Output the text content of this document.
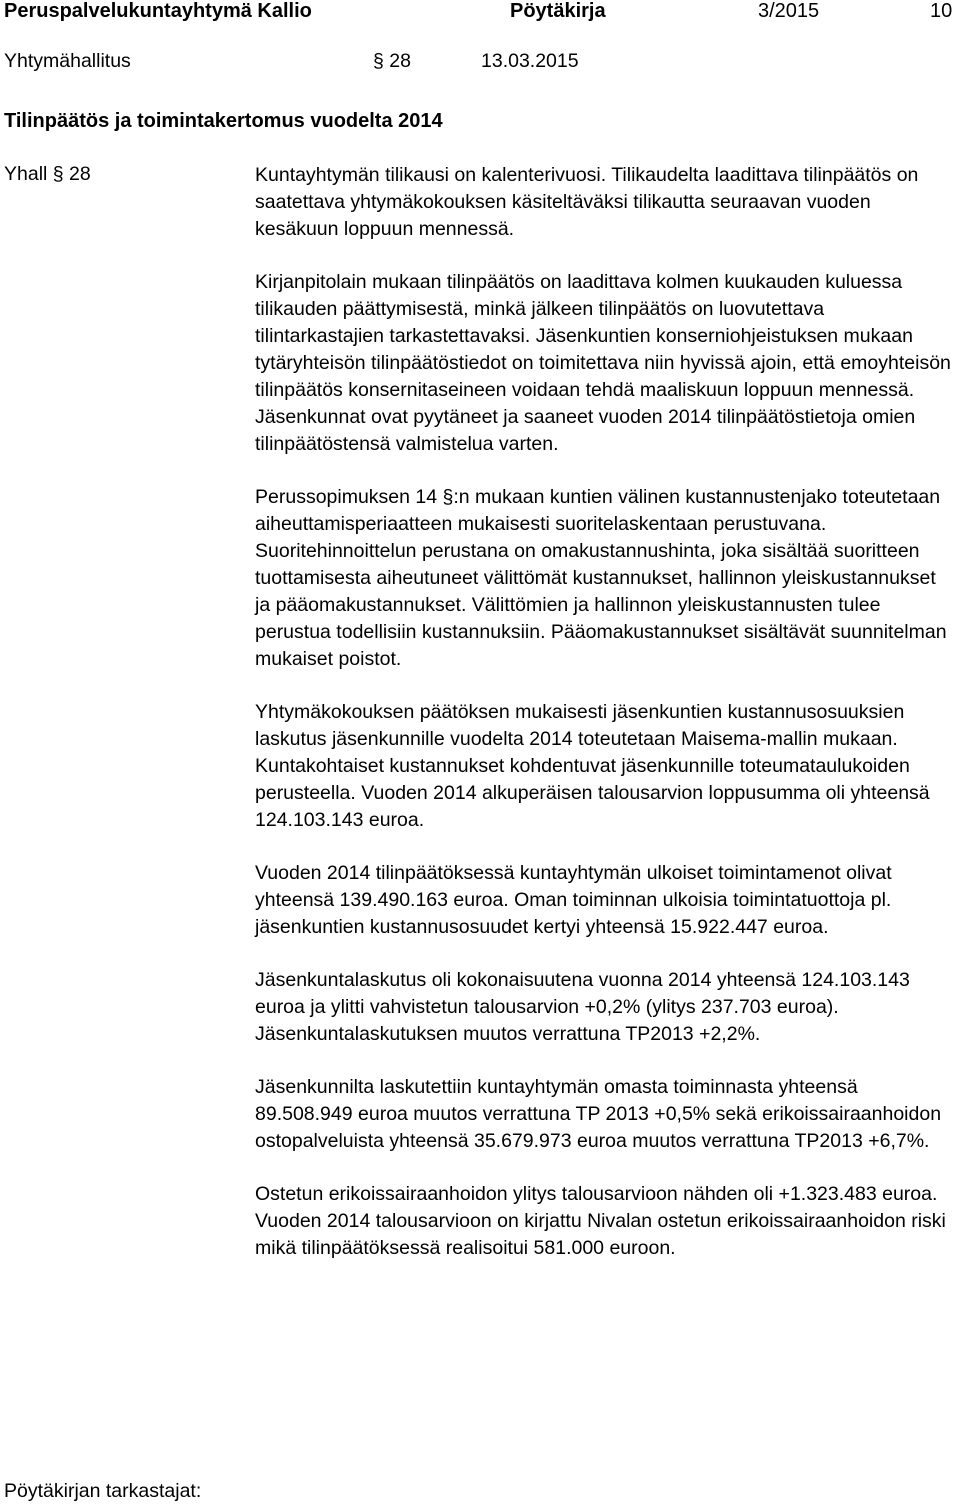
Peruspalvelukuntayhtymä Kallio	Pöytäkirja	3/2015	10
Yhtymähallitus	§ 28	13.03.2015
Tilinpäätös ja toimintakertomus vuodelta 2014
Yhall § 28	Kuntayhtymän tilikausi on kalenterivuosi. Tilikaudelta laadittava tilinpäätös on saatettava yhtymäkokouksen käsiteltäväksi tilikautta seuraavan vuoden kesäkuun loppuun mennessä.

Kirjanpitolain mukaan tilinpäätös on laadittava kolmen kuukauden kuluessa tilikauden päättymisestä, minkä jälkeen tilinpäätös on luovutettava tilintarkastajien tarkastettavaksi. Jäsenkuntien konserniohjeistuksen mukaan tytäryhteisön tilinpäätöstiedot on toimitettava niin hyvissä ajoin, että emoyhteisön tilinpäätös konsernitaseineen voidaan tehdä maaliskuun loppuun mennessä. Jäsenkunnat ovat pyytäneet ja saaneet vuoden 2014 tilinpäätöstietoja omien tilinpäätöstensä valmistelua varten.

Perussopimuksen 14 §:n mukaan kuntien välinen kustannustenjako toteutetaan aiheuttamisperiaatteen mukaisesti suoritelaskentaan perustuvana. Suoritehinnoittelun perustana on omakustannushinta, joka sisältää suoritteen tuottamisesta aiheutuneet välittömät kustannukset, hallinnon yleiskustannukset ja pääomakustannukset. Välittömien ja hallinnon yleiskustannusten tulee perustua todellisiin kustannuksiin. Pääomakustannukset sisältävät suunnitelman mukaiset poistot.

Yhtymäkokouksen päätöksen mukaisesti jäsenkuntien kustannusosuuksien laskutus jäsenkunnille vuodelta 2014 toteutetaan Maisema-mallin mukaan. Kuntakohtaiset kustannukset kohdentuvat jäsenkunnille toteumataulukoiden perusteella. Vuoden 2014 alkuperäisen talousarvion loppusumma oli yhteensä 124.103.143 euroa.

Vuoden 2014 tilinpäätöksessä kuntayhtymän ulkoiset toimintamenot olivat yhteensä 139.490.163 euroa. Oman toiminnan ulkoisia toimintatuottoja pl. jäsenkuntien kustannusosuudet kertyi yhteensä 15.922.447 euroa.

Jäsenkuntalaskutus oli kokonaisuutena vuonna 2014 yhteensä 124.103.143 euroa ja ylitti vahvistetun talousarvion +0,2% (ylitys 237.703 euroa). Jäsenkuntalaskutuksen muutos verrattuna TP2013 +2,2%.

Jäsenkunnilta laskutettiin kuntayhtymän omasta toiminnasta yhteensä 89.508.949 euroa muutos verrattuna TP 2013 +0,5% sekä erikoissairaanhoidon ostopalveluista yhteensä 35.679.973 euroa muutos verrattuna TP2013 +6,7%.

Ostetun erikoissairaanhoidon ylitys talousarvioon nähden oli +1.323.483 euroa. Vuoden 2014 talousarvioon on kirjattu Nivalan ostetun erikoissairaanhoidon riski mikä tilinpäätöksessä realisoitui 581.000 euroon.

Pöytäkirjan tarkastajat:
